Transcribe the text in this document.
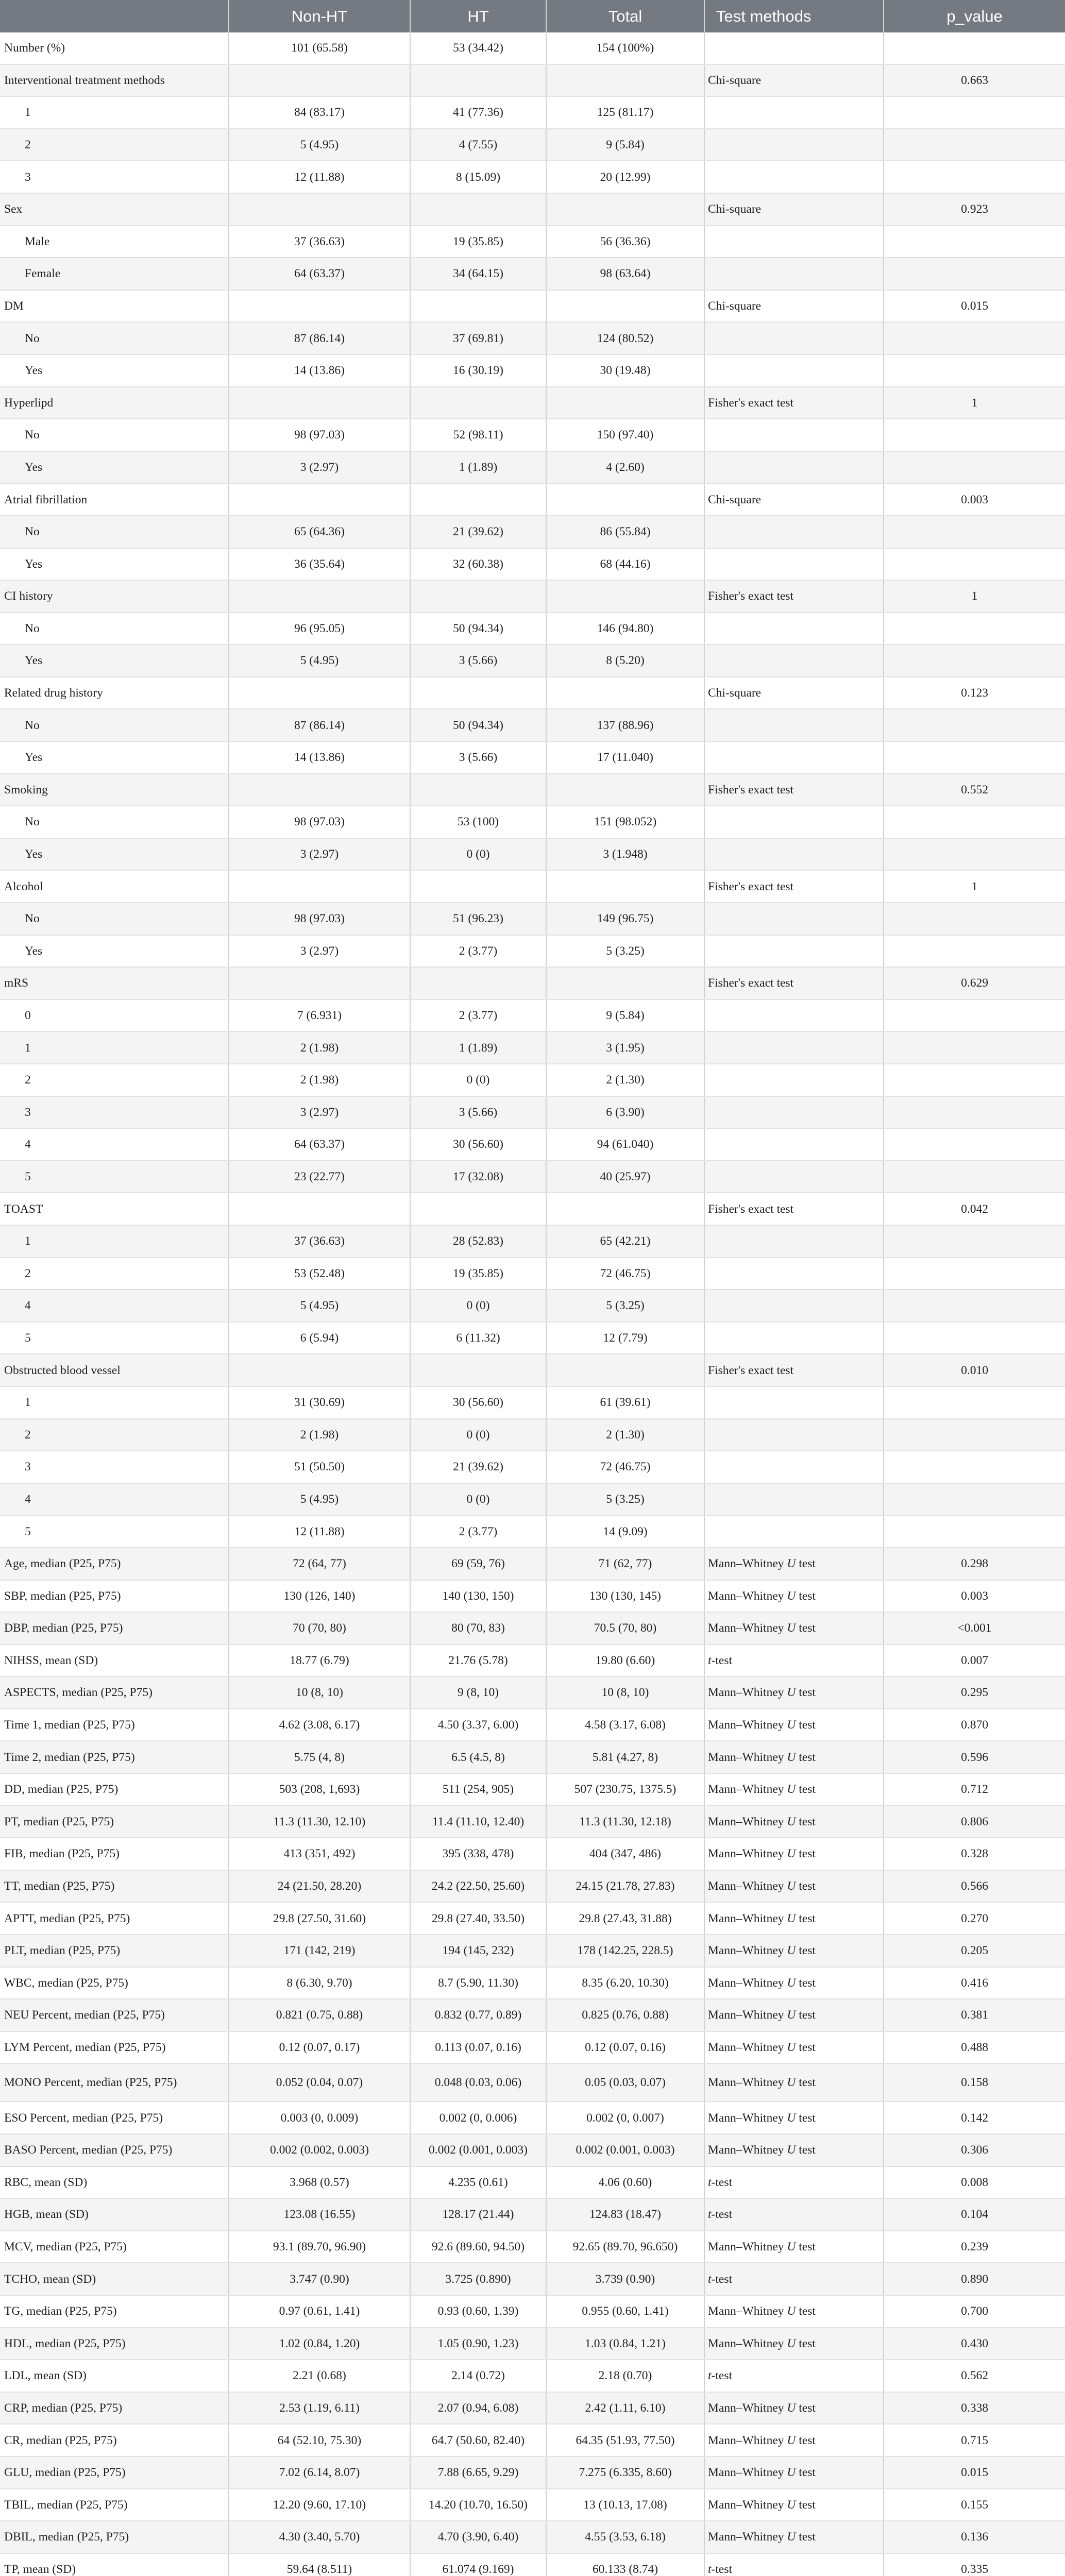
	Non-HT	HT	Total	Test methods	p_value
Number (%)	101 (65.58)	53 (34.42)	154 (100%)		
Interventional treatment methods				Chi-square	0.663
1	84 (83.17)	41 (77.36)	125 (81.17)		
2	5 (4.95)	4 (7.55)	9 (5.84)		
3	12 (11.88)	8 (15.09)	20 (12.99)		
Sex				Chi-square	0.923
Male	37 (36.63)	19 (35.85)	56 (36.36)		
Female	64 (63.37)	34 (64.15)	98 (63.64)		
DM				Chi-square	0.015
No	87 (86.14)	37 (69.81)	124 (80.52)		
Yes	14 (13.86)	16 (30.19)	30 (19.48)		
Hyperlipd				Fisher's exact test	1
No	98 (97.03)	52 (98.11)	150 (97.40)		
Yes	3 (2.97)	1 (1.89)	4 (2.60)		
Atrial fibrillation				Chi-square	0.003
No	65 (64.36)	21 (39.62)	86 (55.84)		
Yes	36 (35.64)	32 (60.38)	68 (44.16)		
CI history				Fisher's exact test	1
No	96 (95.05)	50 (94.34)	146 (94.80)		
Yes	5 (4.95)	3 (5.66)	8 (5.20)		
Related drug history				Chi-square	0.123
No	87 (86.14)	50 (94.34)	137 (88.96)		
Yes	14 (13.86)	3 (5.66)	17 (11.040)		
Smoking				Fisher's exact test	0.552
No	98 (97.03)	53 (100)	151 (98.052)		
Yes	3 (2.97)	0 (0)	3 (1.948)		
Alcohol				Fisher's exact test	1
No	98 (97.03)	51 (96.23)	149 (96.75)		
Yes	3 (2.97)	2 (3.77)	5 (3.25)		
mRS				Fisher's exact test	0.629
0	7 (6.931)	2 (3.77)	9 (5.84)		
1	2 (1.98)	1 (1.89)	3 (1.95)		
2	2 (1.98)	0 (0)	2 (1.30)		
3	3 (2.97)	3 (5.66)	6 (3.90)		
4	64 (63.37)	30 (56.60)	94 (61.040)		
5	23 (22.77)	17 (32.08)	40 (25.97)		
TOAST				Fisher's exact test	0.042
1	37 (36.63)	28 (52.83)	65 (42.21)		
2	53 (52.48)	19 (35.85)	72 (46.75)		
4	5 (4.95)	0 (0)	5 (3.25)		
5	6 (5.94)	6 (11.32)	12 (7.79)		
Obstructed blood vessel				Fisher's exact test	0.010
1	31 (30.69)	30 (56.60)	61 (39.61)		
2	2 (1.98)	0 (0)	2 (1.30)		
3	51 (50.50)	21 (39.62)	72 (46.75)		
4	5 (4.95)	0 (0)	5 (3.25)		
5	12 (11.88)	2 (3.77)	14 (9.09)		
Age, median (P25, P75)	72 (64, 77)	69 (59, 76)	71 (62, 77)	Mann–Whitney U test	0.298
SBP, median (P25, P75)	130 (126, 140)	140 (130, 150)	130 (130, 145)	Mann–Whitney U test	0.003
DBP, median (P25, P75)	70 (70, 80)	80 (70, 83)	70.5 (70, 80)	Mann–Whitney U test	<0.001
NIHSS, mean (SD)	18.77 (6.79)	21.76 (5.78)	19.80 (6.60)	t-test	0.007
ASPECTS, median (P25, P75)	10 (8, 10)	9 (8, 10)	10 (8, 10)	Mann–Whitney U test	0.295
Time 1, median (P25, P75)	4.62 (3.08, 6.17)	4.50 (3.37, 6.00)	4.58 (3.17, 6.08)	Mann–Whitney U test	0.870
Time 2, median (P25, P75)	5.75 (4, 8)	6.5 (4.5, 8)	5.81 (4.27, 8)	Mann–Whitney U test	0.596
DD, median (P25, P75)	503 (208, 1,693)	511 (254, 905)	507 (230.75, 1375.5)	Mann–Whitney U test	0.712
PT, median (P25, P75)	11.3 (11.30, 12.10)	11.4 (11.10, 12.40)	11.3 (11.30, 12.18)	Mann–Whitney U test	0.806
FIB, median (P25, P75)	413 (351, 492)	395 (338, 478)	404 (347, 486)	Mann–Whitney U test	0.328
TT, median (P25, P75)	24 (21.50, 28.20)	24.2 (22.50, 25.60)	24.15 (21.78, 27.83)	Mann–Whitney U test	0.566
APTT, median (P25, P75)	29.8 (27.50, 31.60)	29.8 (27.40, 33.50)	29.8 (27.43, 31.88)	Mann–Whitney U test	0.270
PLT, median (P25, P75)	171 (142, 219)	194 (145, 232)	178 (142.25, 228.5)	Mann–Whitney U test	0.205
WBC, median (P25, P75)	8 (6.30, 9.70)	8.7 (5.90, 11.30)	8.35 (6.20, 10.30)	Mann–Whitney U test	0.416
NEU Percent, median (P25, P75)	0.821 (0.75, 0.88)	0.832 (0.77, 0.89)	0.825 (0.76, 0.88)	Mann–Whitney U test	0.381
LYM Percent, median (P25, P75)	0.12 (0.07, 0.17)	0.113 (0.07, 0.16)	0.12 (0.07, 0.16)	Mann–Whitney U test	0.488
MONO Percent, median (P25, P75)	0.052 (0.04, 0.07)	0.048 (0.03, 0.06)	0.05 (0.03, 0.07)	Mann–Whitney U test	0.158
ESO Percent, median (P25, P75)	0.003 (0, 0.009)	0.002 (0, 0.006)	0.002 (0, 0.007)	Mann–Whitney U test	0.142
BASO Percent, median (P25, P75)	0.002 (0.002, 0.003)	0.002 (0.001, 0.003)	0.002 (0.001, 0.003)	Mann–Whitney U test	0.306
RBC, mean (SD)	3.968 (0.57)	4.235 (0.61)	4.06 (0.60)	t-test	0.008
HGB, mean (SD)	123.08 (16.55)	128.17 (21.44)	124.83 (18.47)	t-test	0.104
MCV, median (P25, P75)	93.1 (89.70, 96.90)	92.6 (89.60, 94.50)	92.65 (89.70, 96.650)	Mann–Whitney U test	0.239
TCHO, mean (SD)	3.747 (0.90)	3.725 (0.890)	3.739 (0.90)	t-test	0.890
TG, median (P25, P75)	0.97 (0.61, 1.41)	0.93 (0.60, 1.39)	0.955 (0.60, 1.41)	Mann–Whitney U test	0.700
HDL, median (P25, P75)	1.02 (0.84, 1.20)	1.05 (0.90, 1.23)	1.03 (0.84, 1.21)	Mann–Whitney U test	0.430
LDL, mean (SD)	2.21 (0.68)	2.14 (0.72)	2.18 (0.70)	t-test	0.562
CRP, median (P25, P75)	2.53 (1.19, 6.11)	2.07 (0.94, 6.08)	2.42 (1.11, 6.10)	Mann–Whitney U test	0.338
CR, median (P25, P75)	64 (52.10, 75.30)	64.7 (50.60, 82.40)	64.35 (51.93, 77.50)	Mann–Whitney U test	0.715
GLU, median (P25, P75)	7.02 (6.14, 8.07)	7.88 (6.65, 9.29)	7.275 (6.335, 8.60)	Mann–Whitney U test	0.015
TBIL, median (P25, P75)	12.20 (9.60, 17.10)	14.20 (10.70, 16.50)	13 (10.13, 17.08)	Mann–Whitney U test	0.155
DBIL, median (P25, P75)	4.30 (3.40, 5.70)	4.70 (3.90, 6.40)	4.55 (3.53, 6.18)	Mann–Whitney U test	0.136
TP, mean (SD)	59.64 (8.511)	61.074 (9.169)	60.133 (8.74)	t-test	0.335
